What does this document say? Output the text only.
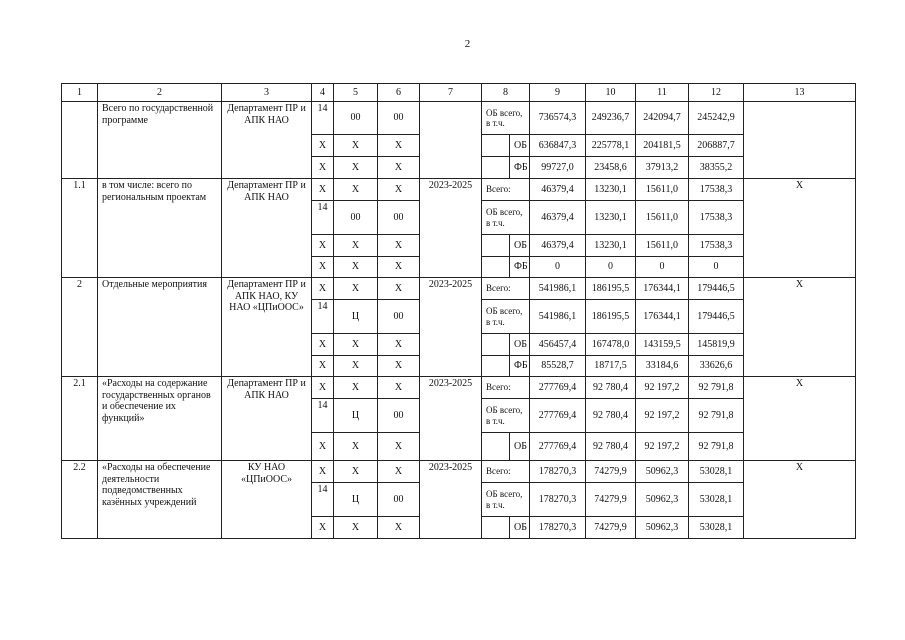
2
1	2	3	4	5	6	7	8		9	10	11	12	13
	Всего по государственной программе	Департамент ПР и АПК НАО	14	00	00		ОБ всего, в т.ч.		736574,3	249236,7	242094,7	245242,9	
			Х	Х	Х			ОБ	636847,3	225778,1	204181,5	206887,7	
			Х	Х	Х			ФБ	99727,0	23458,6	37913,2	38355,2	
1.1	в том числе: всего по региональным проектам	Департамент ПР и АПК НАО	Х	Х	Х	2023-2025	Всего:		46379,4	13230,1	15611,0	17538,3	Х
			14	00	00		ОБ всего, в т.ч.		46379,4	13230,1	15611,0	17538,3	
			Х	Х	Х			ОБ	46379,4	13230,1	15611,0	17538,3	
			Х	Х	Х			ФБ	0	0	0	0	
2	Отдельные мероприятия	Департамент ПР и АПК НАО, КУ НАО «ЦПиООС»	Х	Х	Х	2023-2025	Всего:		541986,1	186195,5	176344,1	179446,5	Х
			14	Ц	00		ОБ всего, в т.ч.		541986,1	186195,5	176344,1	179446,5	
			Х	Х	Х			ОБ	456457,4	167478,0	143159,5	145819,9	
			Х	Х	Х			ФБ	85528,7	18717,5	33184,6	33626,6	
2.1	«Расходы на содержание государственных органов и обеспечение их функций»	Департамент ПР и АПК НАО	Х	Х	Х	2023-2025	Всего:		277769,4	92 780,4	92 197,2	92 791,8	Х
			14	Ц	00		ОБ всего, в т.ч.		277769,4	92 780,4	92 197,2	92 791,8	
			Х	Х	Х			ОБ	277769,4	92 780,4	92 197,2	92 791,8	
2.2	«Расходы на обеспечение деятельности подведомственных казённых учреждений	КУ НАО «ЦПиООС»	Х	Х	Х	2023-2025	Всего:		178270,3	74279,9	50962,3	53028,1	Х
			14	Ц	00		ОБ всего, в т.ч.		178270,3	74279,9	50962,3	53028,1	
			Х	Х	Х			ОБ	178270,3	74279,9	50962,3	53028,1	
